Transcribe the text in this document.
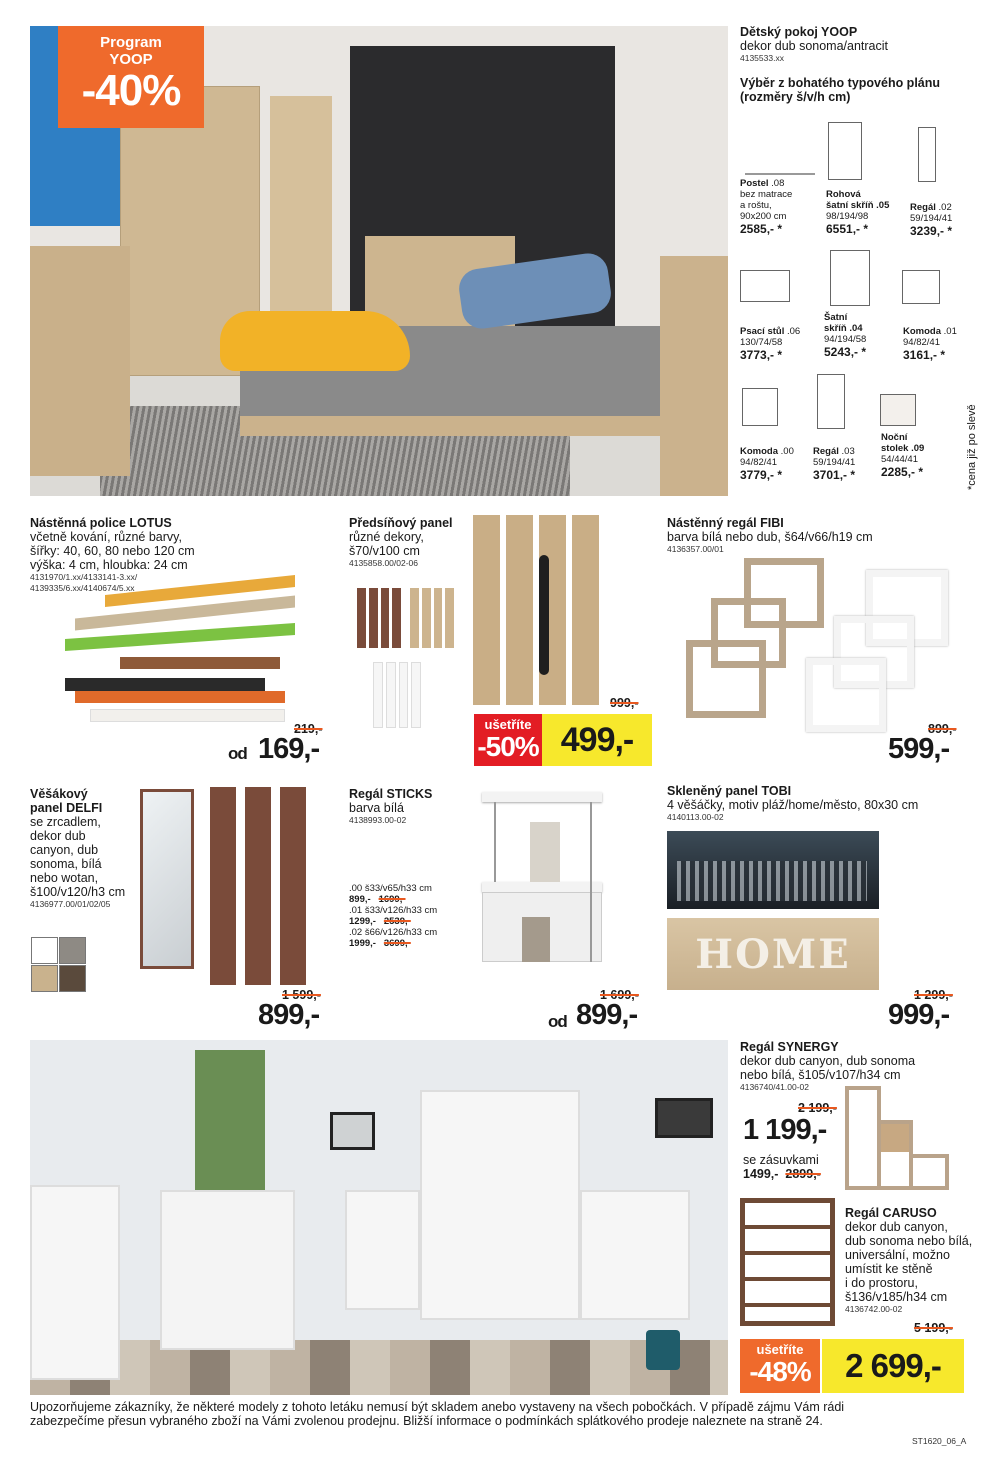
Program
YOOP
-40%
Dětský pokoj YOOP
dekor dub sonoma/antracit
4135533.xx
Výběr z bohatého typového plánu
(rozměry š/v/h cm)
Postel .08
bez matrace
a roštu,
90x200 cm
2585,- *
Rohová
šatní skříň .05
98/194/98
6551,- *
Regál .02
59/194/41
3239,- *
Psací stůl .06
130/74/58
3773,- *
Šatní
skříň .04
94/194/58
5243,- *
Komoda .01
94/82/41
3161,- *
Komoda .00
94/82/41
3779,- *
Regál .03
59/194/41
3701,- *
Noční
stolek .09
54/44/41
2285,- *	*cena již po slevě
Nástěnná police LOTUS
včetně kování, různé barvy,
šířky: 40, 60, 80 nebo 120 cm
výška: 4 cm, hloubka: 24 cm
4131970/1.xx/4133141-3.xx/
4139335/6.xx/4140674/5.xx
219,-
od 169,-
Předsíňový panel
různé dekory,
š70/v100 cm
4135858.00/02-06
999,-
ušetříte
-50% 499,-
Nástěnný regál FIBI
barva bílá nebo dub, š64/v66/h19 cm
4136357.00/01
899,-
599,-
Věšákový
panel DELFI
se zrcadlem,
dekor dub
canyon, dub
sonoma, bílá
nebo wotan,
š100/v120/h3 cm
4136977.00/01/02/05
1 599,-
899,-
Regál STICKS
barva bílá
4138993.00-02
.00 š33/v65/h33 cm
899,- 1699,-
.01 š33/v126/h33 cm
1299,- 2539,-
.02 š66/v126/h33 cm
1999,- 3699,-
1 699,-
od 899,-
Skleněný panel TOBI
4 věšáčky, motiv pláž/home/město, 80x30 cm
4140113.00-02
HOME
1 299,-
999,-
Regál SYNERGY
dekor dub canyon, dub sonoma
nebo bílá, š105/v107/h34 cm
4136740/41.00-02
2 199,-
1 199,-
se zásuvkami
1499,- 2899,-
Regál CARUSO
dekor dub canyon,
dub sonoma nebo bílá,
universální, možno
umístit ke stěně
i do prostoru,
š136/v185/h34 cm
4136742.00-02
5 199,-
ušetříte
-48%	2 699,-
Upozorňujeme zákazníky, že některé modely z tohoto letáku nemusí být skladem anebo vystaveny na všech pobočkách. V případě zájmu Vám rádi
zabezpečíme přesun vybraného zboží na Vámi zvolenou prodejnu. Bližší informace o podmínkách splátkového prodeje naleznete na straně 24.
ST1620_06_A
